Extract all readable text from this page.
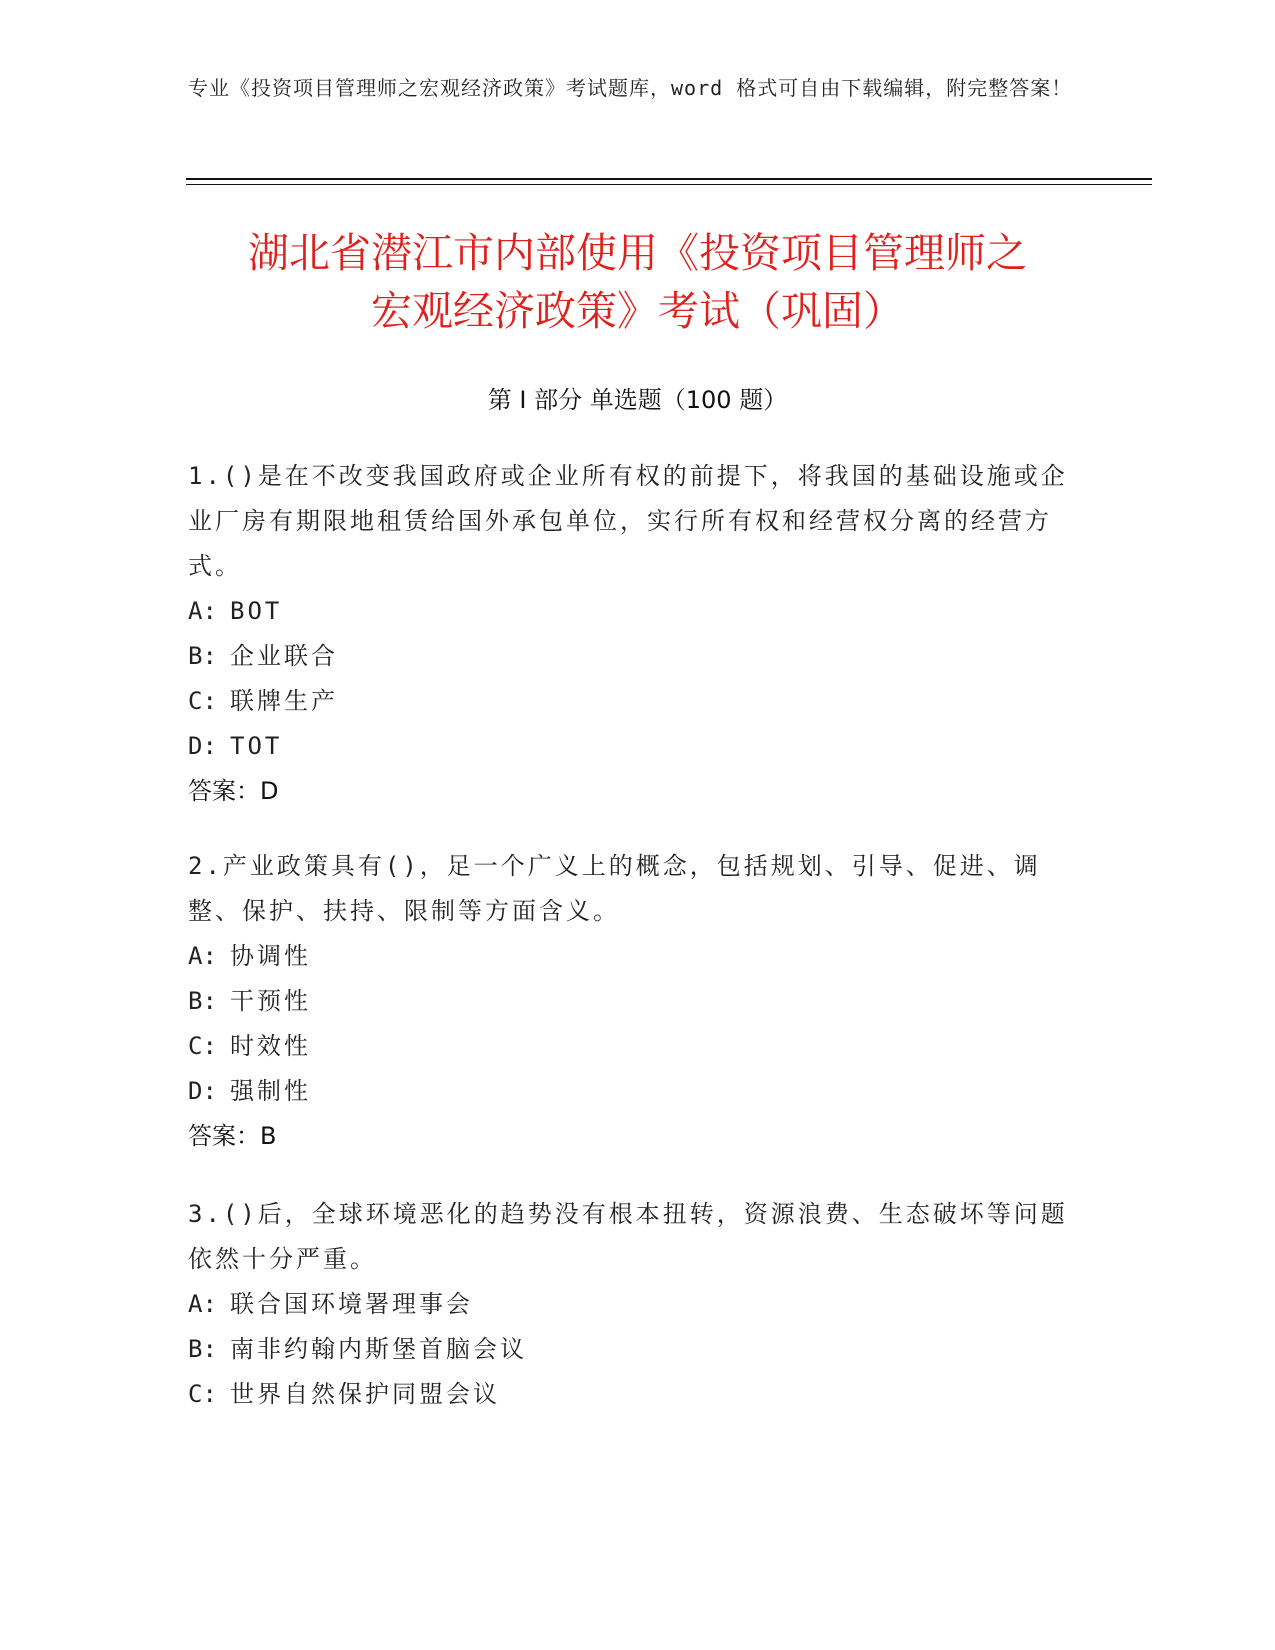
专业《投资项目管理师之宏观经济政策》考试题库，word 格式可自由下载编辑，附完整答案！
湖北省潜江市内部使用《投资项目管理师之
宏观经济政策》考试（巩固）
第 I 部分 单选题（100 题）
1.()是在不改变我国政府或企业所有权的前提下，将我国的基础设施或企业厂房有期限地租赁给国外承包单位，实行所有权和经营权分离的经营方式。
A: BOT
B: 企业联合
C: 联牌生产
D: TOT
答案：D
2.产业政策具有()，足一个广义上的概念，包括规划、引导、促进、调整、保护、扶持、限制等方面含义。
A: 协调性
B: 干预性
C: 时效性
D: 强制性
答案：B
3.()后，全球环境恶化的趋势没有根本扭转，资源浪费、生态破坏等问题依然十分严重。
A: 联合国环境署理事会
B: 南非约翰内斯堡首脑会议
C: 世界自然保护同盟会议
